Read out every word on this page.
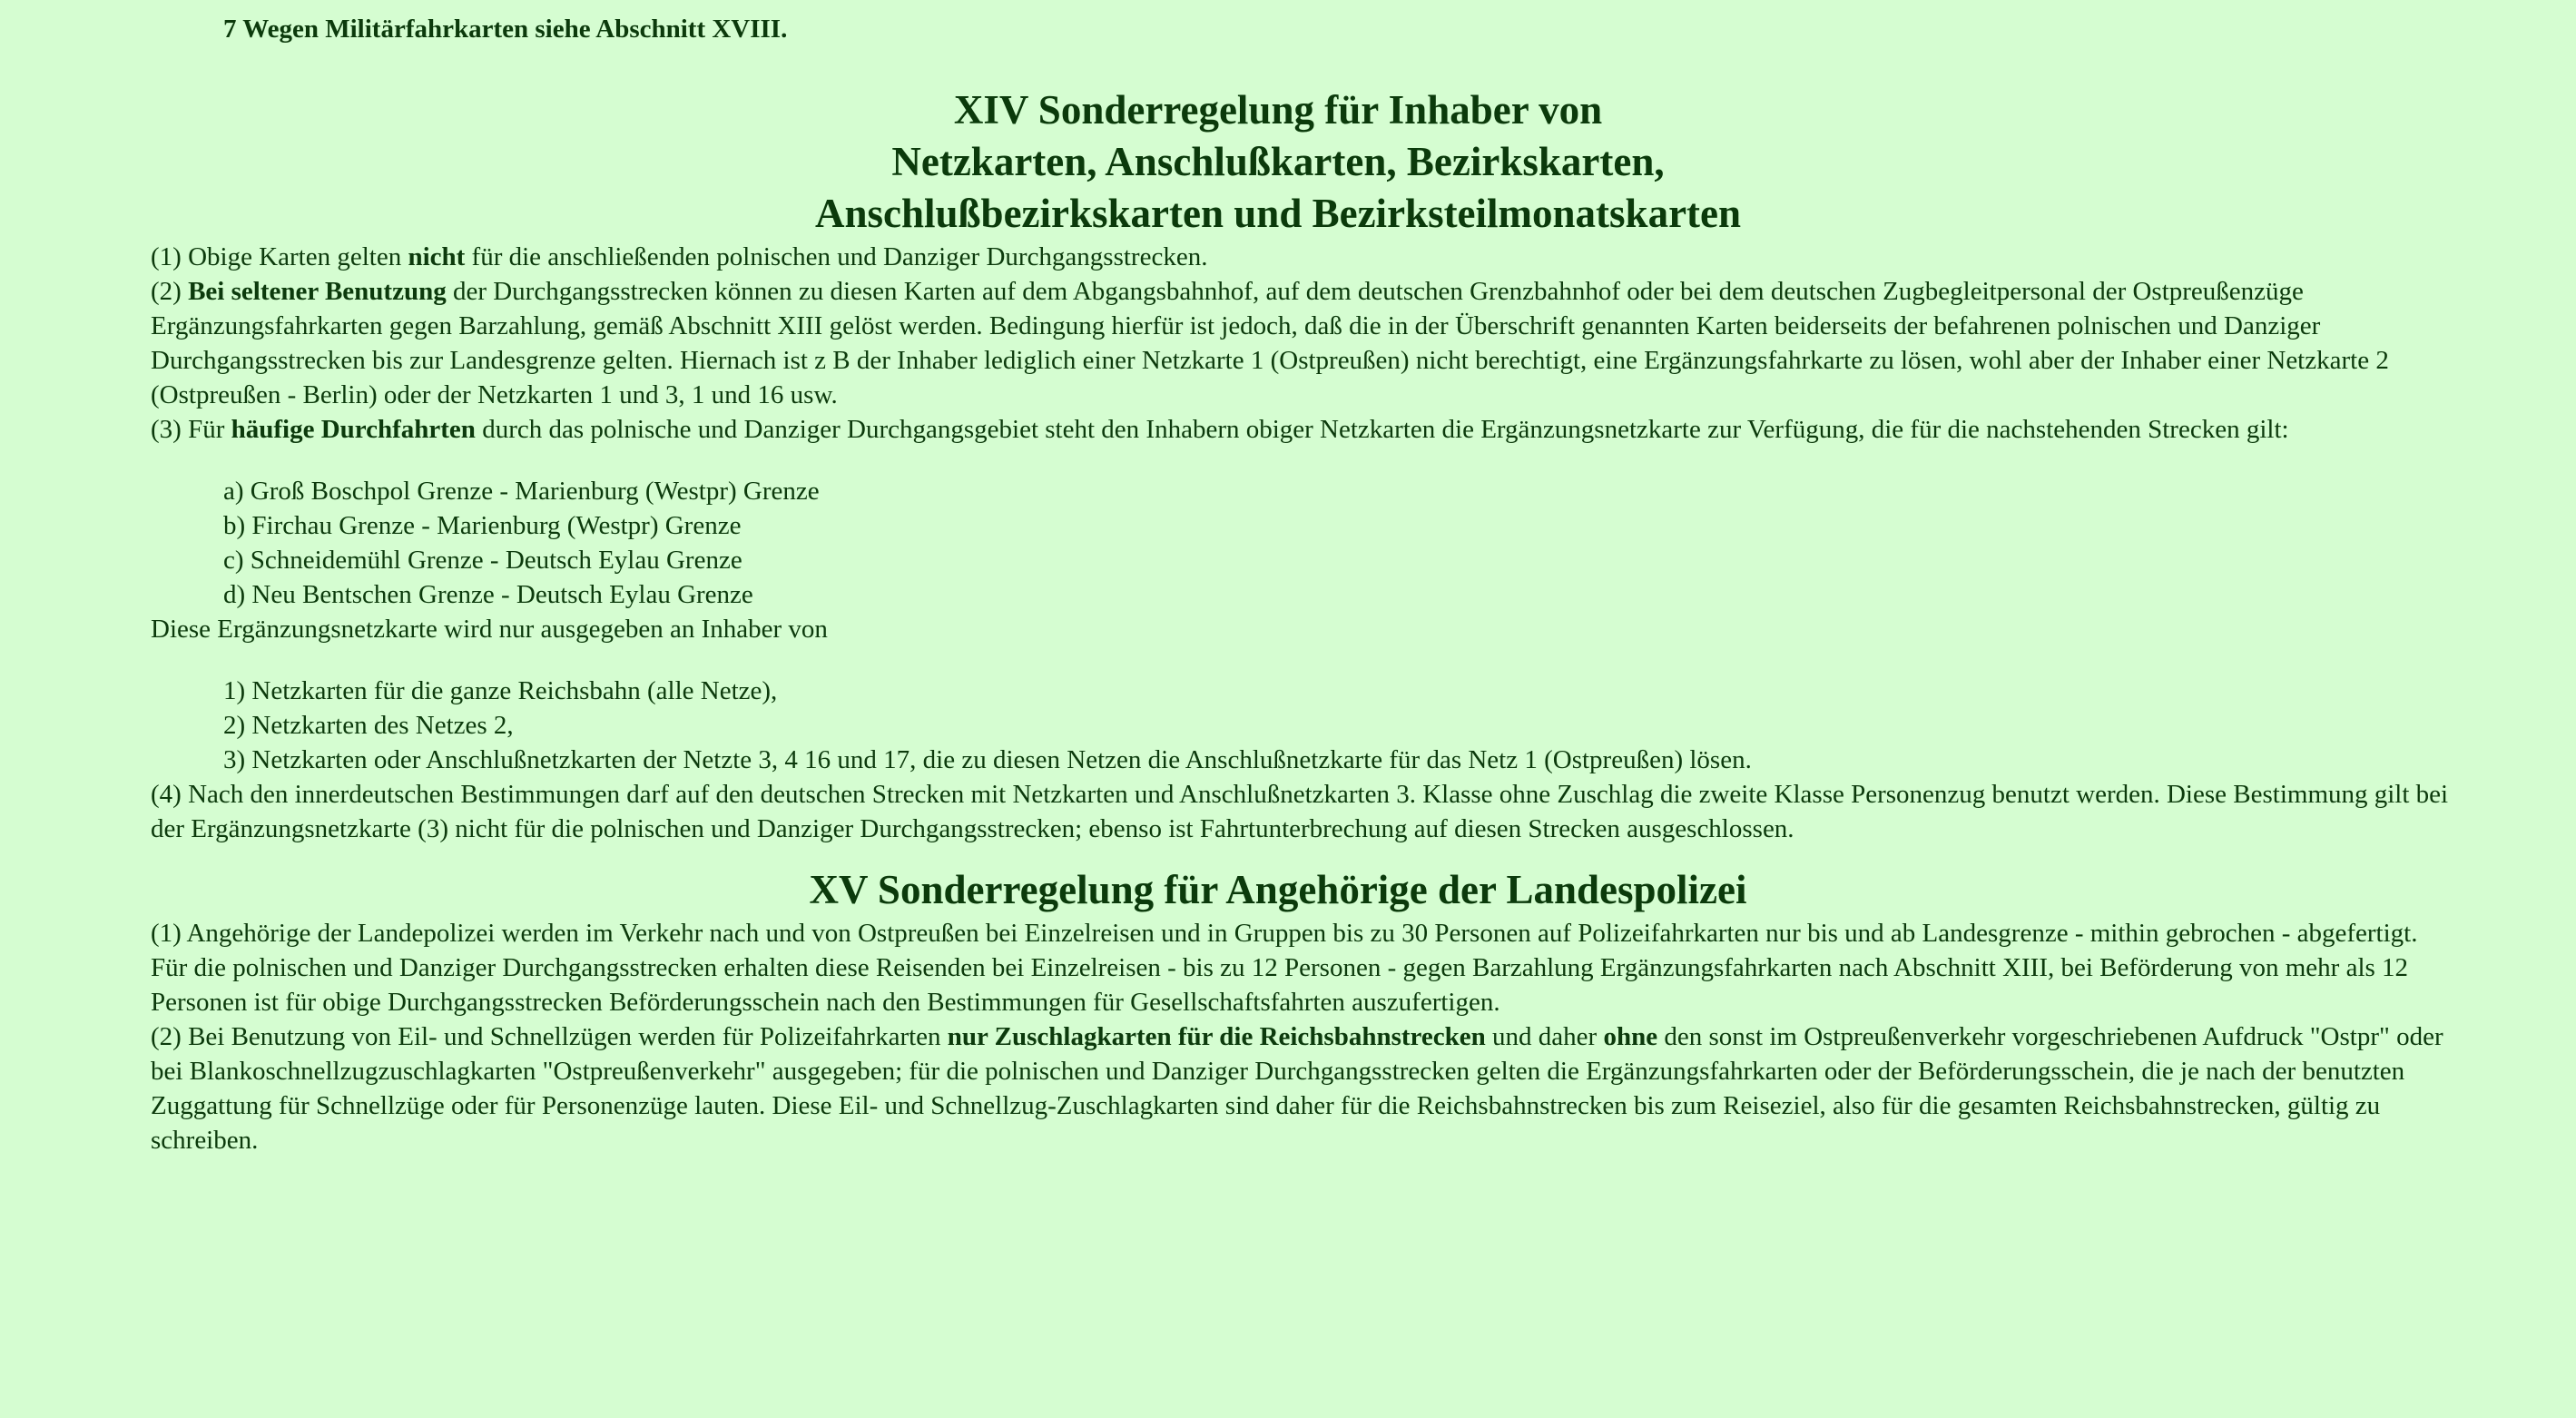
7 Wegen Militärfahrkarten siehe Abschnitt XVIII.

XIV Sonderregelung für Inhaber von
Netzkarten, Anschlußkarten, Bezirkskarten,
Anschlußbezirkskarten und Bezirksteilmonatskarten

(1) Obige Karten gelten nicht für die anschließenden polnischen und Danziger Durchgangsstrecken.

(2) Bei seltener Benutzung der Durchgangsstrecken können zu diesen Karten auf dem Abgangsbahnhof, auf dem deutschen Grenzbahnhof oder bei dem deutschen Zugbegleitpersonal der Ostpreußenzüge Ergänzungsfahrkarten gegen Barzahlung, gemäß Abschnitt XIII gelöst werden. Bedingung hierfür ist jedoch, daß die in der Überschrift genannten Karten beiderseits der befahrenen polnischen und Danziger Durchgangsstrecken bis zur Landesgrenze gelten. Hiernach ist z B der Inhaber lediglich einer Netzkarte 1 (Ostpreußen) nicht berechtigt, eine Ergänzungsfahrkarte zu lösen, wohl aber der Inhaber einer Netzkarte 2 (Ostpreußen - Berlin) oder der Netzkarten 1 und 3, 1 und 16 usw.

(3) Für häufige Durchfahrten durch das polnische und Danziger Durchgangsgebiet steht den Inhabern obiger Netzkarten die Ergänzungsnetzkarte zur Verfügung, die für die nachstehenden Strecken gilt:

a) Groß Boschpol Grenze - Marienburg (Westpr) Grenze
b) Firchau Grenze - Marienburg (Westpr) Grenze
c) Schneidemühl Grenze - Deutsch Eylau Grenze
d) Neu Bentschen Grenze - Deutsch Eylau Grenze

Diese Ergänzungsnetzkarte wird nur ausgegeben an Inhaber von

1) Netzkarten für die ganze Reichsbahn (alle Netze),
2) Netzkarten des Netzes 2,
3) Netzkarten oder Anschlußnetzkarten der Netzte 3, 4 16 und 17, die zu diesen Netzen die Anschlußnetzkarte für das Netz 1 (Ostpreußen) lösen.

(4) Nach den innerdeutschen Bestimmungen darf auf den deutschen Strecken mit Netzkarten und Anschlußnetzkarten 3. Klasse ohne Zuschlag die zweite Klasse Personenzug benutzt werden. Diese Bestimmung gilt bei der Ergänzungsnetzkarte (3) nicht für die polnischen und Danziger Durchgangsstrecken; ebenso ist Fahrtunterbrechung auf diesen Strecken ausgeschlossen.

XV Sonderregelung für Angehörige der Landespolizei

(1) Angehörige der Landepolizei werden im Verkehr nach und von Ostpreußen bei Einzelreisen und in Gruppen bis zu 30 Personen auf Polizeifahrkarten nur bis und ab Landesgrenze - mithin gebrochen - abgefertigt. Für die polnischen und Danziger Durchgangsstrecken erhalten diese Reisenden bei Einzelreisen - bis zu 12 Personen - gegen Barzahlung Ergänzungsfahrkarten nach Abschnitt XIII, bei Beförderung von mehr als 12 Personen ist für obige Durchgangsstrecken Beförderungsschein nach den Bestimmungen für Gesellschaftsfahrten auszufertigen.

(2) Bei Benutzung von Eil- und Schnellzügen werden für Polizeifahrkarten nur Zuschlagkarten für die Reichsbahnstrecken und daher ohne den sonst im Ostpreußenverkehr vorgeschriebenen Aufdruck "Ostpr" oder bei Blankoschnellzugzuschlagkarten "Ostpreußenverkehr" ausgegeben; für die polnischen und Danziger Durchgangsstrecken gelten die Ergänzungsfahrkarten oder der Beförderungsschein, die je nach der benutzten Zuggattung für Schnellzüge oder für Personenzüge lauten. Diese Eil- und Schnellzug-Zuschlagkarten sind daher für die Reichsbahnstrecken bis zum Reiseziel, also für die gesamten Reichsbahnstrecken, gültig zu schreiben.
